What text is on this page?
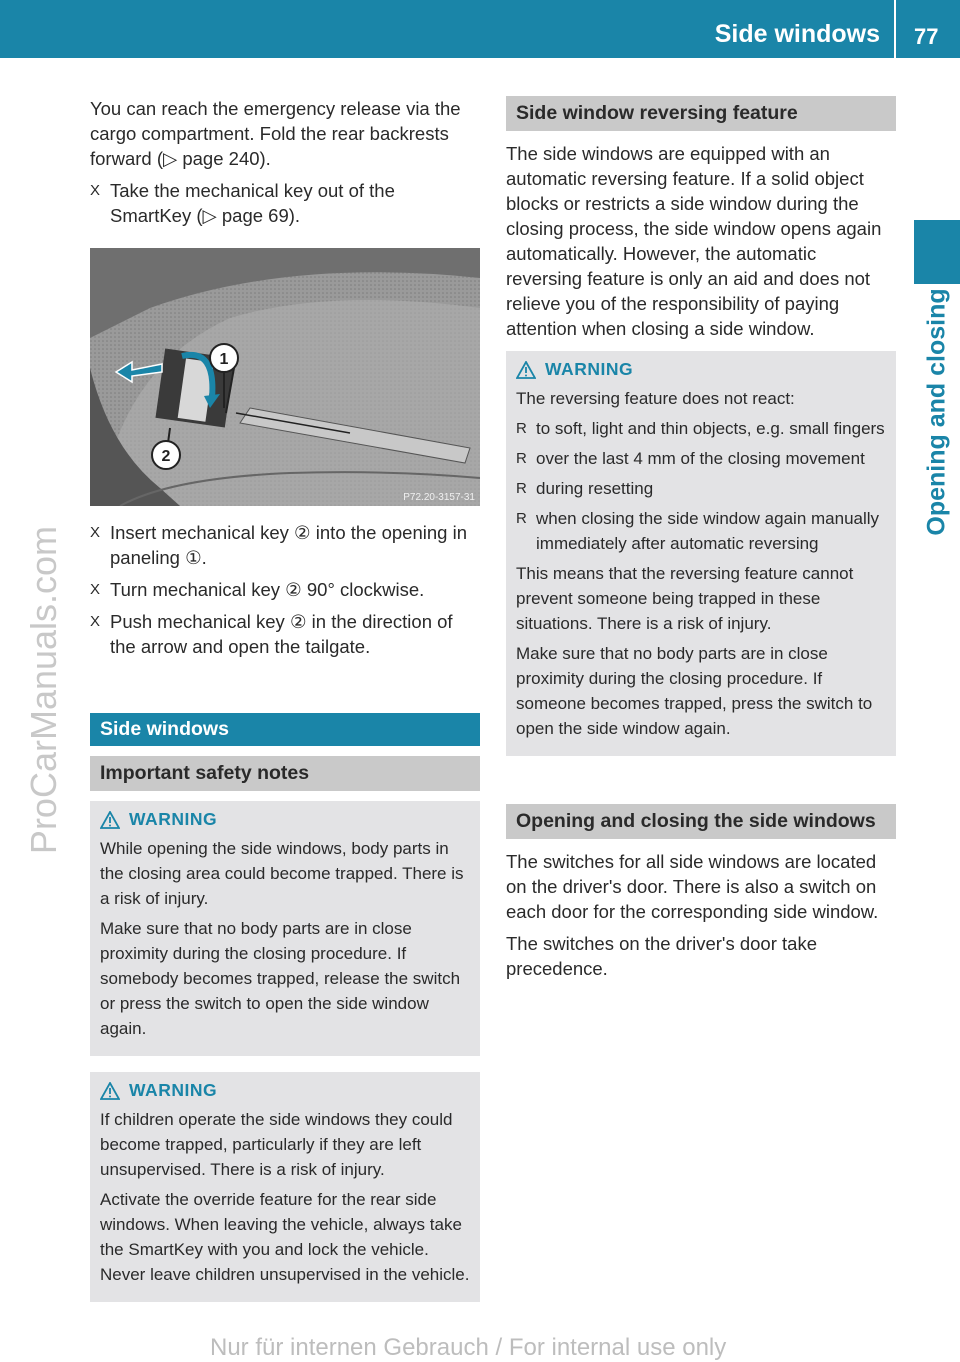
Side windows 77
Opening and closing
ProCarManuals.com

You can reach the emergency release via the cargo compartment. Fold the rear backrests forward (▷ page 240).

X Take the mechanical key out of the SmartKey (▷ page 69).
1
2
P72.20-3157-31
X Insert mechanical key ② into the opening in paneling ①.
X Turn mechanical key ② 90° clockwise.
X Push mechanical key ② in the direction of the arrow and open the tailgate.
Side windows
Important safety notes
WARNING

While opening the side windows, body parts in the closing area could become trapped. There is a risk of injury.

Make sure that no body parts are in close proximity during the closing procedure. If somebody becomes trapped, release the switch or press the switch to open the side window again.

WARNING

If children operate the side windows they could become trapped, particularly if they are left unsupervised. There is a risk of injury.

Activate the override feature for the rear side windows. When leaving the vehicle, always take the SmartKey with you and lock the vehicle. Never leave children unsupervised in the vehicle.

Side window reversing feature

The side windows are equipped with an automatic reversing feature. If a solid object blocks or restricts a side window during the closing process, the side window opens again automatically. However, the automatic reversing feature is only an aid and does not relieve you of the responsibility of paying attention when closing a side window.

WARNING

The reversing feature does not react:

R to soft, light and thin objects, e.g. small fingers
R over the last 4 mm of the closing movement
R during resetting
R when closing the side window again manually immediately after automatic reversing

This means that the reversing feature cannot prevent someone being trapped in these situations. There is a risk of injury.

Make sure that no body parts are in close proximity during the closing procedure. If someone becomes trapped, press the switch to open the side window again.

Opening and closing the side windows

The switches for all side windows are located on the driver's door. There is also a switch on each door for the corresponding side window.

The switches on the driver's door take precedence.

Nur für internen Gebrauch / For internal use only
